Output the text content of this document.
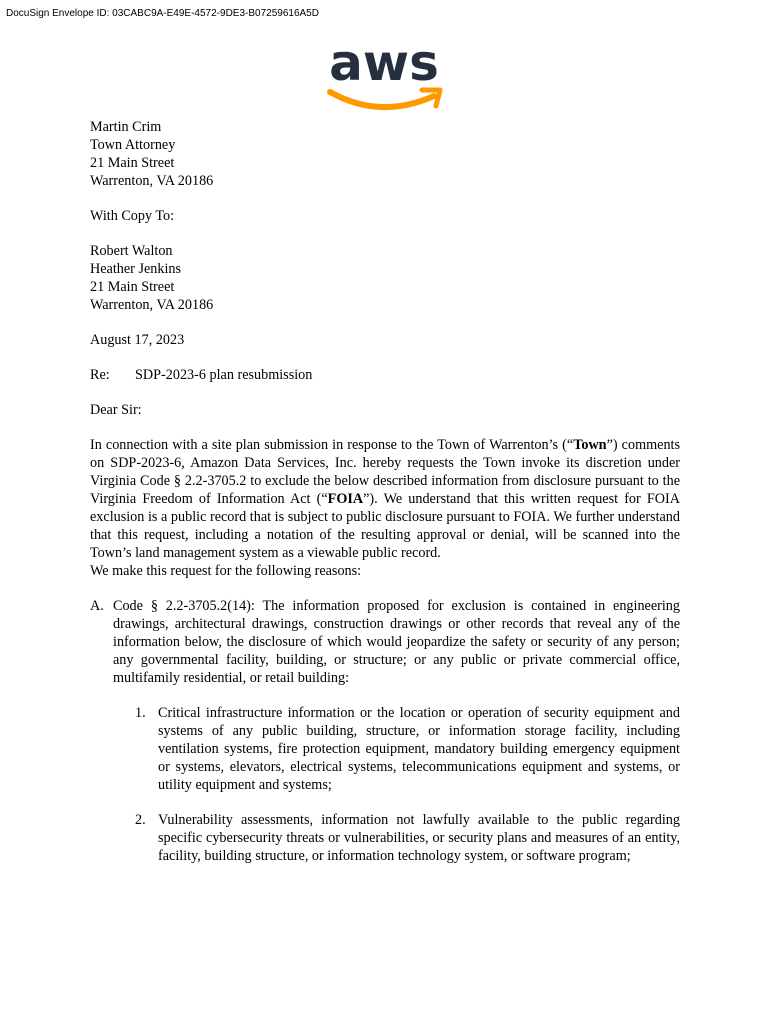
DocuSign Envelope ID: 03CABC9A-E49E-4572-9DE3-B07259616A5D
aws

Martin Crim

Town Attorney

21 Main Street

Warrenton, VA 20186

With Copy To:

Robert Walton

Heather Jenkins

21 Main Street

Warrenton, VA 20186

August 17, 2023
Re:	SDP-2023-6 plan resubmission
Dear Sir:

In connection with a site plan submission in response to the Town of Warrenton’s (“Town”) comments on SDP-2023-6, Amazon Data Services, Inc. hereby requests the Town invoke its discretion under Virginia Code § 2.2-3705.2 to exclude the below described information from disclosure pursuant to the Virginia Freedom of Information Act (“FOIA”). We understand that this written request for FOIA exclusion is a public record that is subject to public disclosure pursuant to FOIA. We further understand that this request, including a notation of the resulting approval or denial, will be scanned into the Town’s land management system as a viewable public record.

We make this request for the following reasons:
A. Code § 2.2-3705.2(14): The information proposed for exclusion is contained in engineering drawings, architectural drawings, construction drawings or other records that reveal any of the information below, the disclosure of which would jeopardize the safety or security of any person; any governmental facility, building, or structure; or any public or private commercial office, multifamily residential, or retail building:
1. Critical infrastructure information or the location or operation of security equipment and systems of any public building, structure, or information storage facility, including ventilation systems, fire protection equipment, mandatory building emergency equipment or systems, elevators, electrical systems, telecommunications equipment and systems, or utility equipment and systems;
2. Vulnerability assessments, information not lawfully available to the public regarding specific cybersecurity threats or vulnerabilities, or security plans and measures of an entity, facility, building structure, or information technology system, or software program;
